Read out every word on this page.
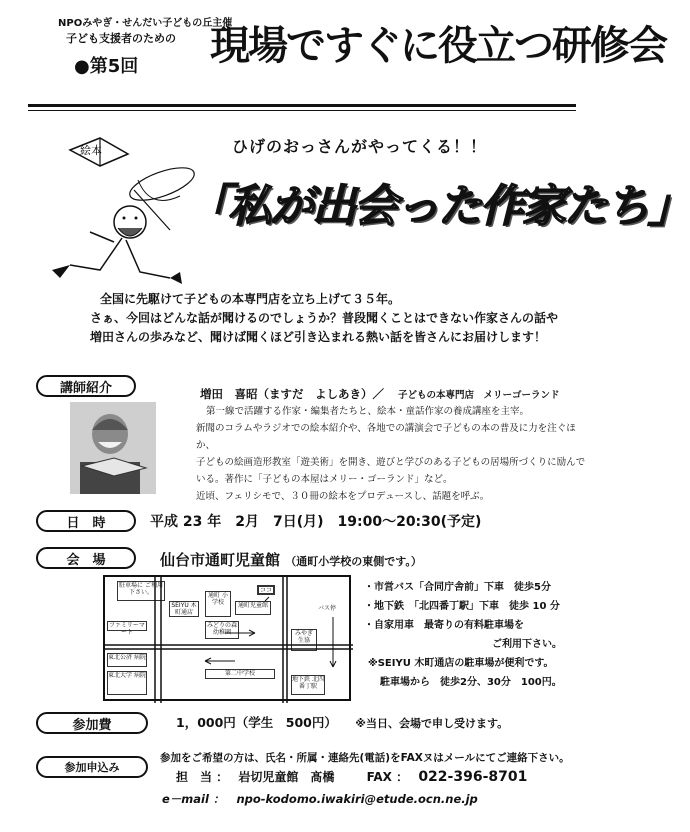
NPOみやぎ・せんだい子どもの丘主催
子ども支援者のための
●第5回 現場ですぐに役立つ研修会
絵本	ひげのおっさんがやってくる！！
「私が出会った作家たち」
全国に先駆けて子どもの本専門店を立ち上げて３５年。
さぁ、今回はどんな話が聞けるのでしょうか？普段聞くことはできない作家さんの話や
増田さんの歩みなど、聞けば聞くほど引き込まれる熱い話を皆さんにお届けします！
講師紹介	増田　喜昭（ますだ　よしあき）／ 子どもの本専門店　メリーゴーランド
第一線で活躍する作家・編集者たちと、絵本・童話作家の養成講座を主宰。
新聞のコラムやラジオでの絵本紹介や、各地での講演会で子どもの本の普及に力を注ぐほか、
子どもの絵画造形教室「遊美術」を開き、遊びと学びのある子どもの居場所づくりに励んで
いる。著作に「子どもの本屋はメリー・ゴーランド」など。
近頃、フェリシモで、３０冊の絵本をプロデュースし、話題を呼ぶ。
日　時	平成 23 年　2月　7日(月)　19:00～20:30(予定)
会　場	仙台市通町児童館 （通町小学校の東側です。）
駐車場に ご利用下さい。
SEIYU 木町通店
通町 小学校	通町児童館
ココ
バス停
ファミリーマート
みどりの森 幼稚園
東北公済 病院
東北大学 病院
みやぎ 生協
第二中学校
地下鉄 北四番丁駅
・市営バス「合同庁舎前」下車　徒歩5分
・地下鉄　「北四番丁駅」下車　徒歩 10 分
・自家用車　最寄りの有料駐車場を
ご利用下さい。
※SEIYU 木町通店の駐車場が便利です。
駐車場から　徒歩2分、30分　100円。
参加費	1，000円（学生　500円） ※当日、会場で申し受けます。
参加申込み
参加をご希望の方は、氏名・所属・連絡先(電話)をFAXヌはメールにてご連絡下さい。
担　当 ： 岩切児童館　髙橋	FAX ： 022-396-8701
e－mail ： npo-kodomo.iwakiri@etude.ocn.ne.jp
